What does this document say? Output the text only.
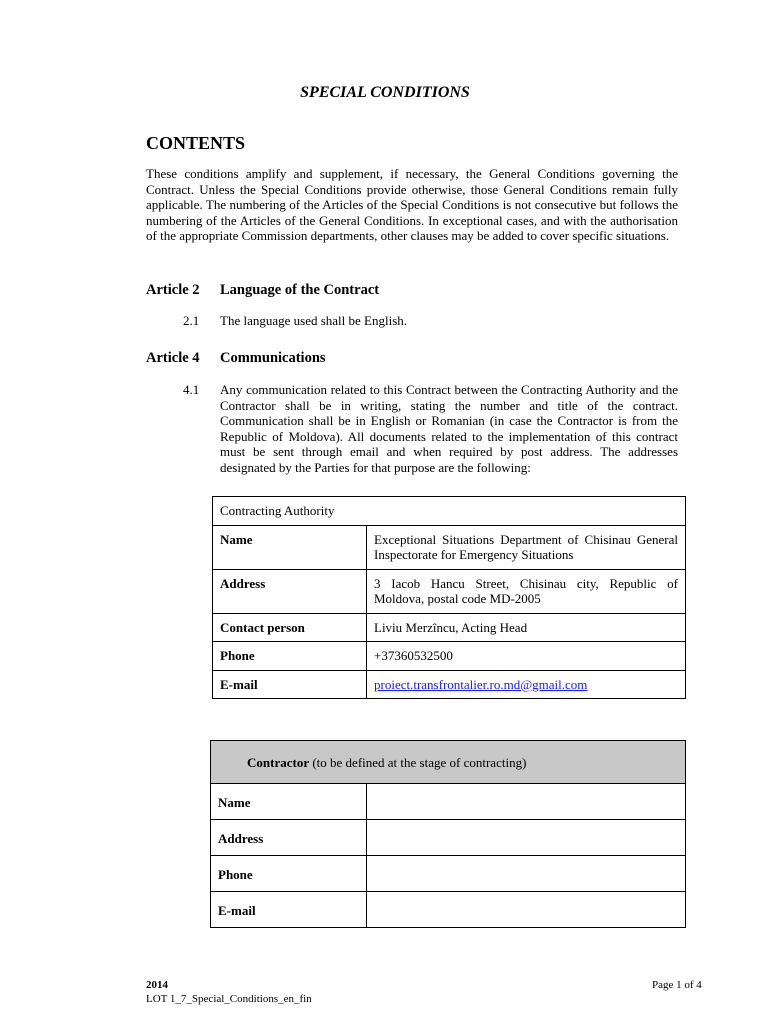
SPECIAL CONDITIONS
CONTENTS
These conditions amplify and supplement, if necessary, the General Conditions governing the Contract. Unless the Special Conditions provide otherwise, those General Conditions remain fully applicable. The numbering of the Articles of the Special Conditions is not consecutive but follows the numbering of the Articles of the General Conditions. In exceptional cases, and with the authorisation of the appropriate Commission departments, other clauses may be added to cover specific situations.
Article 2 Language of the Contract
2.1 The language used shall be English.
Article 4 Communications
4.1 Any communication related to this Contract between the Contracting Authority and the Contractor shall be in writing, stating the number and title of the contract. Communication shall be in English or Romanian (in case the Contractor is from the Republic of Moldova). All documents related to the implementation of this contract must be sent through email and when required by post address. The addresses designated by the Parties for that purpose are the following:
Contracting Authority	
Name	Exceptional Situations Department of Chisinau General Inspectorate for Emergency Situations
Address	3 Iacob Hancu Street, Chisinau city, Republic of Moldova, postal code MD-2005
Contact person	Liviu Merzîncu, Acting Head
Phone	+37360532500
E-mail	proiect.transfrontalier.ro.md@gmail.com
Contractor (to be defined at the stage of contracting)	
Name	
Address	
Phone	
E-mail	
2014
LOT 1_7_Special_Conditions_en_fin
Page 1 of 4
